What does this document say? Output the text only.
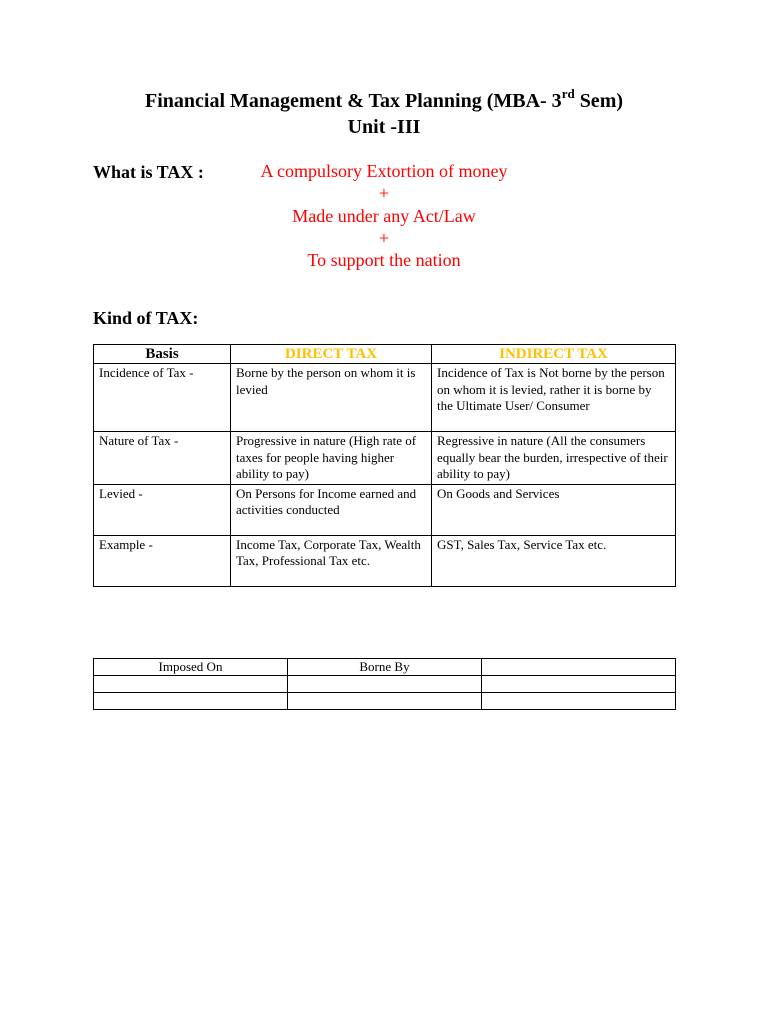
Financial Management & Tax Planning (MBA- 3rd Sem)
Unit -III
What is TAX :	A compulsory Extortion of money
+
Made under any Act/Law
+
To support the nation
Kind of TAX:
Basis	DIRECT TAX	INDIRECT TAX
Incidence of Tax -	Borne by the person on whom it is levied	Incidence of Tax is Not borne by the person on whom it is levied, rather it is borne by the Ultimate User/ Consumer
Nature of Tax -	Progressive in nature (High rate of taxes for people having higher ability to pay)	Regressive in nature (All the consumers equally bear the burden, irrespective of their ability to pay)
Levied -	On Persons for Income earned and activities conducted	On Goods and Services
Example -	Income Tax, Corporate Tax, Wealth Tax, Professional Tax etc.	GST, Sales Tax, Service Tax etc.
Imposed On	Borne By	
